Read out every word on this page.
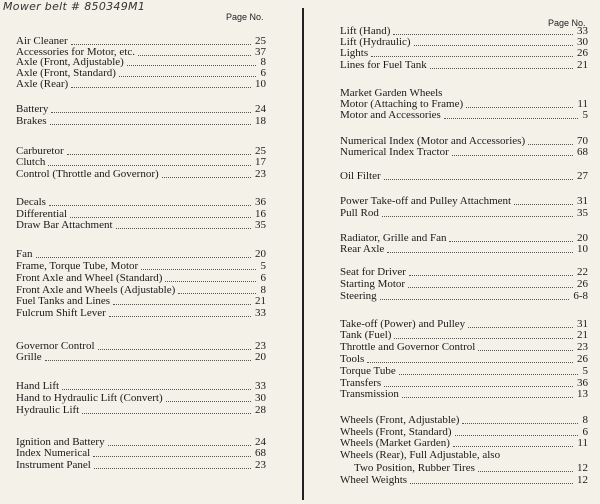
Mower belt # 850349M1
Page No.
Page No.
Air Cleaner	25
Accessories for Motor, etc.	37
Axle (Front, Adjustable)	8
Axle (Front, Standard)	6
Axle (Rear)	10
Battery	24
Brakes	18
Carburetor	25
Clutch	17
Control (Throttle and Governor)	23
Decals	36
Differential	16
Draw Bar Attachment	35
Fan	20
Frame, Torque Tube, Motor	5
Front Axle and Wheel (Standard)	6
Front Axle and Wheels (Adjustable)	8
Fuel Tanks and Lines	21
Fulcrum Shift Lever	33
Governor Control	23
Grille	20
Hand Lift	33
Hand to Hydraulic Lift (Convert)	30
Hydraulic Lift	28
Ignition and Battery	24
Index Numerical	68
Instrument Panel	23
Lift (Hand)	33
Lift (Hydraulic)	30
Lights	26
Lines for Fuel Tank	21
Market Garden Wheels
Motor (Attaching to Frame)	11
Motor and Accessories	5
Numerical Index (Motor and Accessories)	70
Numerical Index Tractor	68
Oil Filter	27
Power Take-off and Pulley Attachment	31
Pull Rod	35
Radiator, Grille and Fan	20
Rear Axle	10
Seat for Driver	22
Starting Motor	26
Steering	6-8
Take-off (Power) and Pulley	31
Tank (Fuel)	21
Throttle and Governor Control	23
Tools	26
Torque Tube	5
Transfers	36
Transmission	13
Wheels (Front, Adjustable)	8
Wheels (Front, Standard)	6
Wheels (Market Garden)	11
Wheels (Rear), Full Adjustable, also
Two Position, Rubber Tires	12
Wheel Weights	12
